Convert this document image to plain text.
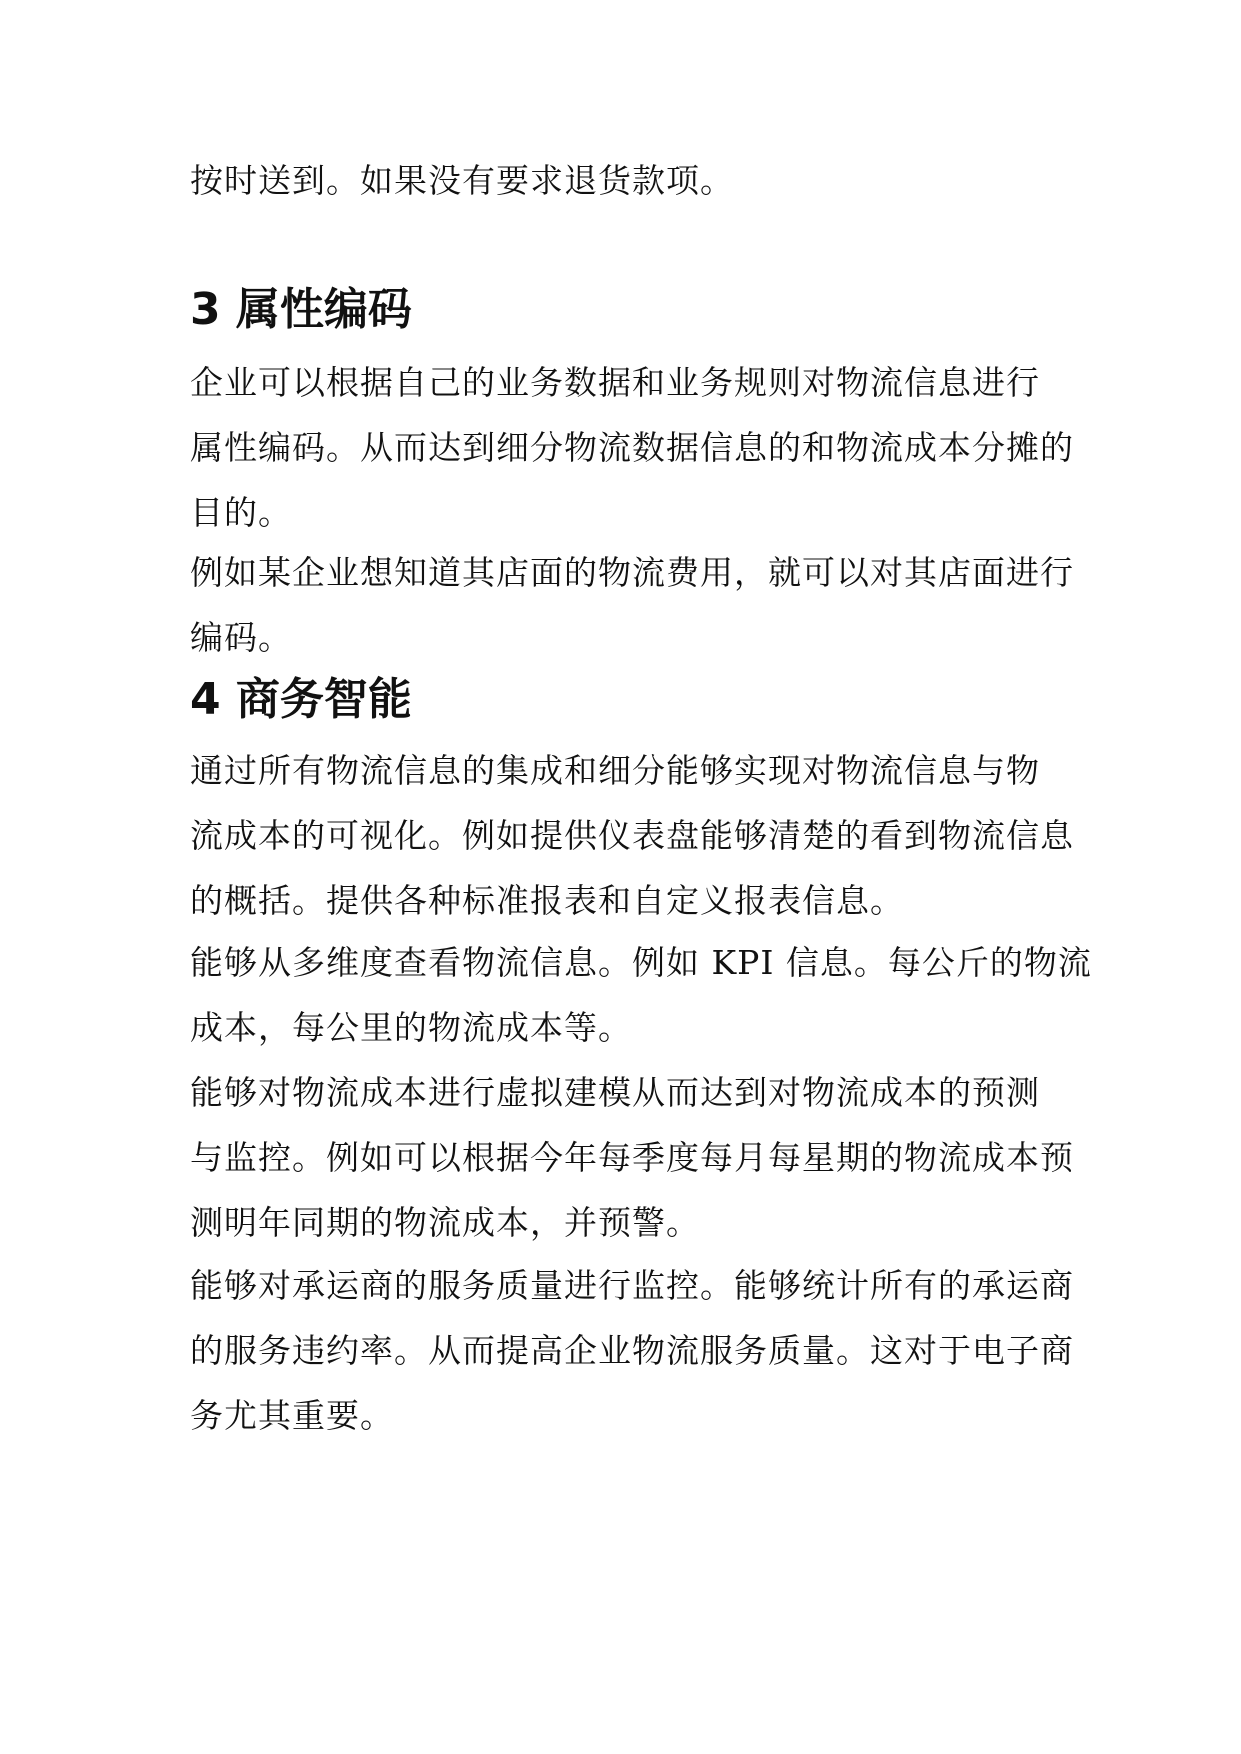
按时送到。如果没有要求退货款项。

3 属性编码

企业可以根据自己的业务数据和业务规则对物流信息进行
属性编码。从而达到细分物流数据信息的和物流成本分摊的
目的。

例如某企业想知道其店面的物流费用，就可以对其店面进行
编码。

4 商务智能

通过所有物流信息的集成和细分能够实现对物流信息与物
流成本的可视化。例如提供仪表盘能够清楚的看到物流信息
的概括。提供各种标准报表和自定义报表信息。

能够从多维度查看物流信息。例如 KPI 信息。每公斤的物流
成本，每公里的物流成本等。

能够对物流成本进行虚拟建模从而达到对物流成本的预测
与监控。例如可以根据今年每季度每月每星期的物流成本预
测明年同期的物流成本，并预警。

能够对承运商的服务质量进行监控。能够统计所有的承运商
的服务违约率。从而提高企业物流服务质量。这对于电子商
务尤其重要。
